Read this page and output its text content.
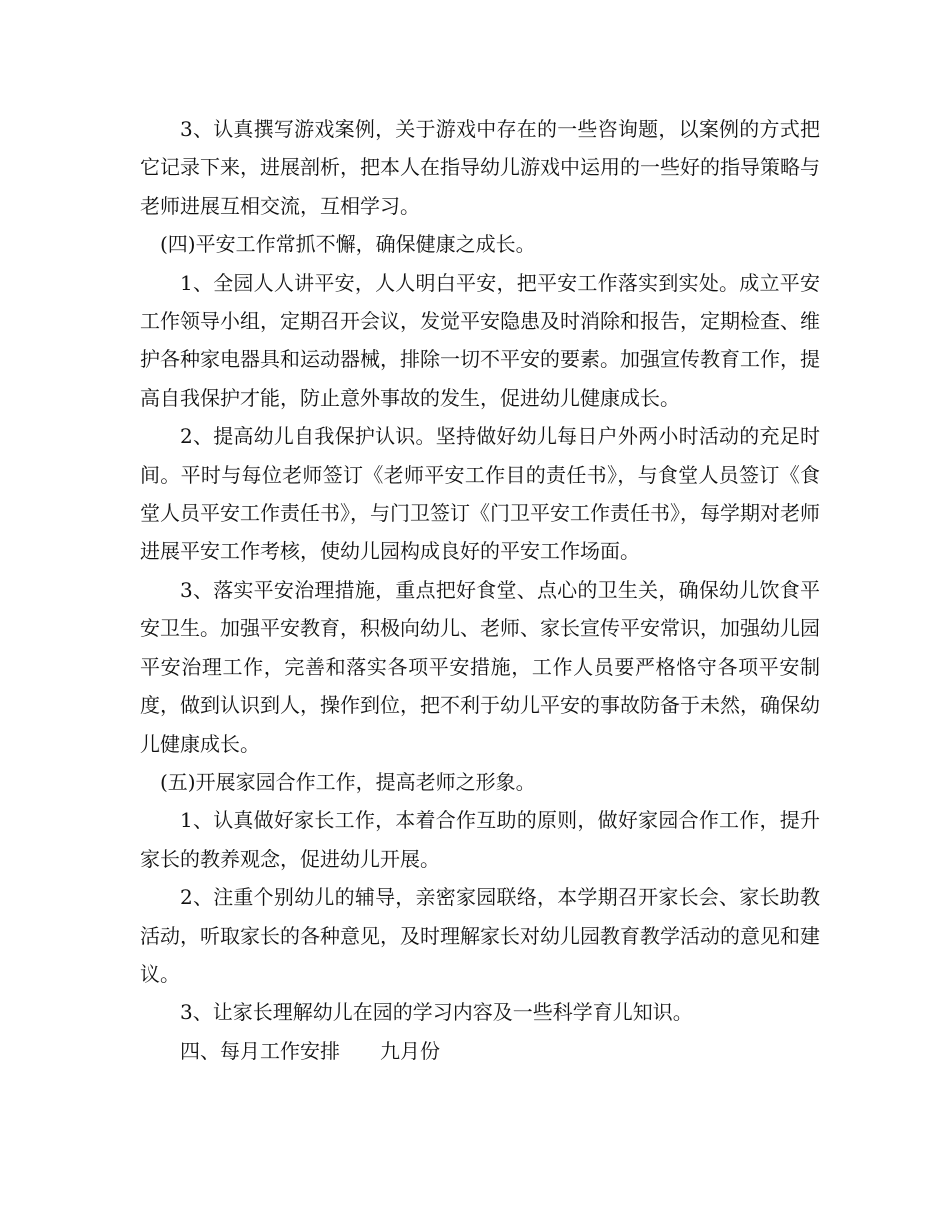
3、认真撰写游戏案例，关于游戏中存在的一些咨询题，以案例的方式把它记录下来，进展剖析，把本人在指导幼儿游戏中运用的一些好的指导策略与老师进展互相交流，互相学习。

(四)平安工作常抓不懈，确保健康之成长。

1、全园人人讲平安，人人明白平安，把平安工作落实到实处。成立平安工作领导小组，定期召开会议，发觉平安隐患及时消除和报告，定期检查、维护各种家电器具和运动器械，排除一切不平安的要素。加强宣传教育工作，提高自我保护才能，防止意外事故的发生，促进幼儿健康成长。

2、提高幼儿自我保护认识。坚持做好幼儿每日户外两小时活动的充足时间。平时与每位老师签订《老师平安工作目的责任书》，与食堂人员签订《食堂人员平安工作责任书》，与门卫签订《门卫平安工作责任书》，每学期对老师进展平安工作考核，使幼儿园构成良好的平安工作场面。

3、落实平安治理措施，重点把好食堂、点心的卫生关，确保幼儿饮食平安卫生。加强平安教育，积极向幼儿、老师、家长宣传平安常识，加强幼儿园平安治理工作，完善和落实各项平安措施，工作人员要严格恪守各项平安制度，做到认识到人，操作到位，把不利于幼儿平安的事故防备于未然，确保幼儿健康成长。

(五)开展家园合作工作，提高老师之形象。

1、认真做好家长工作，本着合作互助的原则，做好家园合作工作，提升家长的教养观念，促进幼儿开展。

2、注重个别幼儿的辅导，亲密家园联络，本学期召开家长会、家长助教活动，听取家长的各种意见，及时理解家长对幼儿园教育教学活动的意见和建议。

3、让家长理解幼儿在园的学习内容及一些科学育儿知识。

四、每月工作安排　　九月份
